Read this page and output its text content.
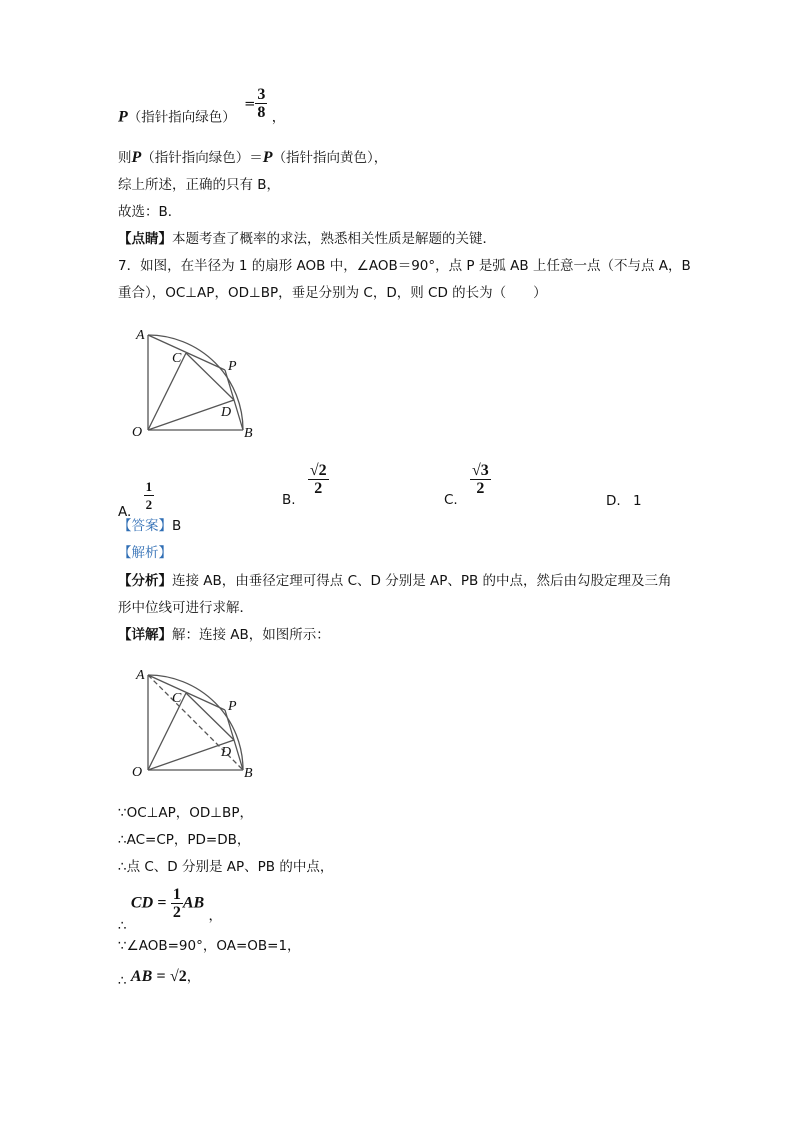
P（指针指向绿色） = $\frac{3}{8}$ ，
则P（指针指向绿色）＝P（指针指向黄色），
综上所述，正确的只有 B，
故选：B．
【点睛】本题考查了概率的求法，熟悉相关性质是解题的关键．
7．如图，在半径为 1 的扇形 AOB 中，∠AOB＝90°，点 P 是弧 AB 上任意一点（不与点 A，B
重合），OC⊥AP，OD⊥BP，垂足分别为 C，D，则 CD 的长为（　　）
A
C
P
D
O	B
A. $\frac{1}{2}$	B.
$\frac{√2}{2}$
C.
$\frac{√3}{2}$
D. 1
【答案】B
【解析】
【分析】连接 AB，由垂径定理可得点 C、D 分别是 AP、PB 的中点，然后由勾股定理及三角
形中位线可进行求解．
【详解】解：连接 AB，如图所示：
A
C
P
D
O	B
∵OC⊥AP，OD⊥BP，
∴AC=CP，PD=DB，
∴点 C、D 分别是 AP、PB 的中点，
∴ CD = $\frac{1}{2}$ AB ，
∵∠AOB=90°，OA=OB=1，
∴ AB = √2，
